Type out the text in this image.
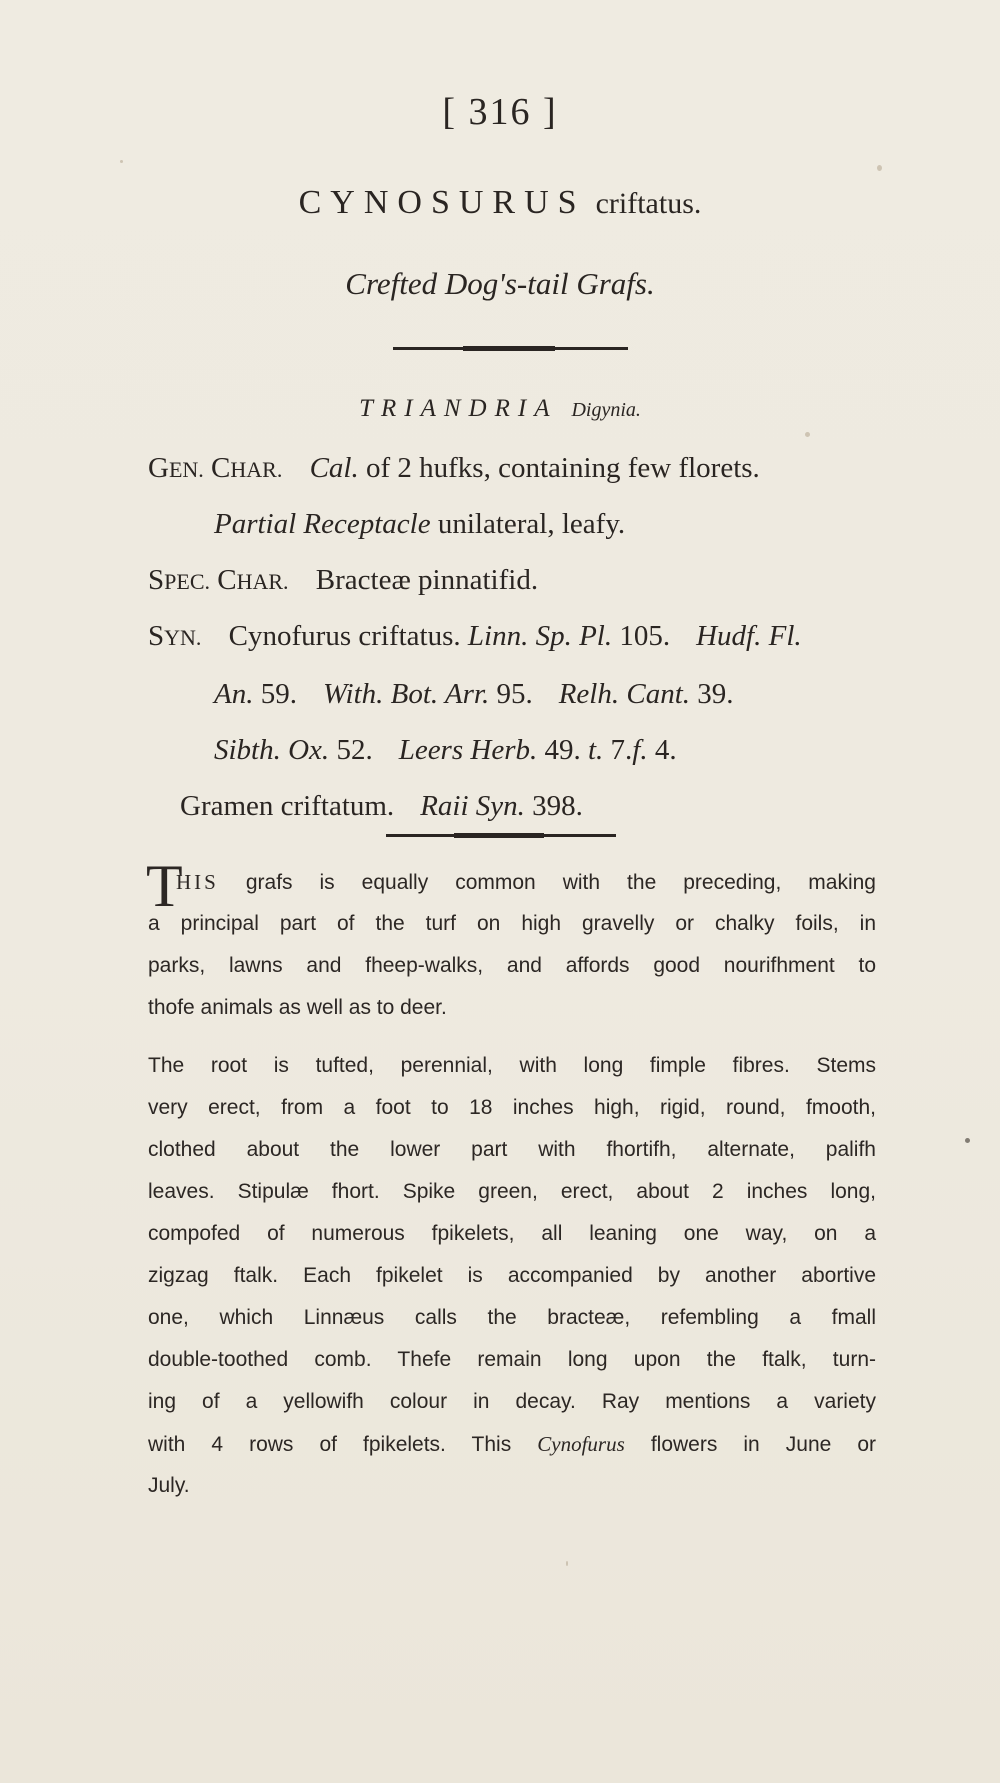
[ 316 ]
CYNOSURUS criftatus.
Crefted Dog's-tail Grafs.
TRIANDRIA Digynia.
GEN. CHAR. Cal. of 2 hufks, containing few florets.
Partial Receptacle unilateral, leafy.
SPEC. CHAR. Bracteæ pinnatifid.
SYN. Cynofurus criftatus. Linn. Sp. Pl. 105. Hudf. Fl.
An. 59. With. Bot. Arr. 95. Relh. Cant. 39.
Sibth. Ox. 52. Leers Herb. 49. t. 7.f. 4.
Gramen criftatum. Raii Syn. 398.
T
HIS grafs is equally common with the preceding, making
a principal part of the turf on high gravelly or chalky foils, in
parks, lawns and fheep-walks, and affords good nourifhment to
thofe animals as well as to deer.
The root is tufted, perennial, with long fimple fibres. Stems
very erect, from a foot to 18 inches high, rigid, round, fmooth,
clothed about the lower part with fhortifh, alternate, palifh
leaves. Stipulæ fhort. Spike green, erect, about 2 inches long,
compofed of numerous fpikelets, all leaning one way, on a
zigzag ftalk. Each fpikelet is accompanied by another abortive
one, which Linnæus calls the bracteæ, refembling a fmall
double-toothed comb. Thefe remain long upon the ftalk, turn-
ing of a yellowifh colour in decay. Ray mentions a variety
with 4 rows of fpikelets. This Cynofurus flowers in June or
July.
